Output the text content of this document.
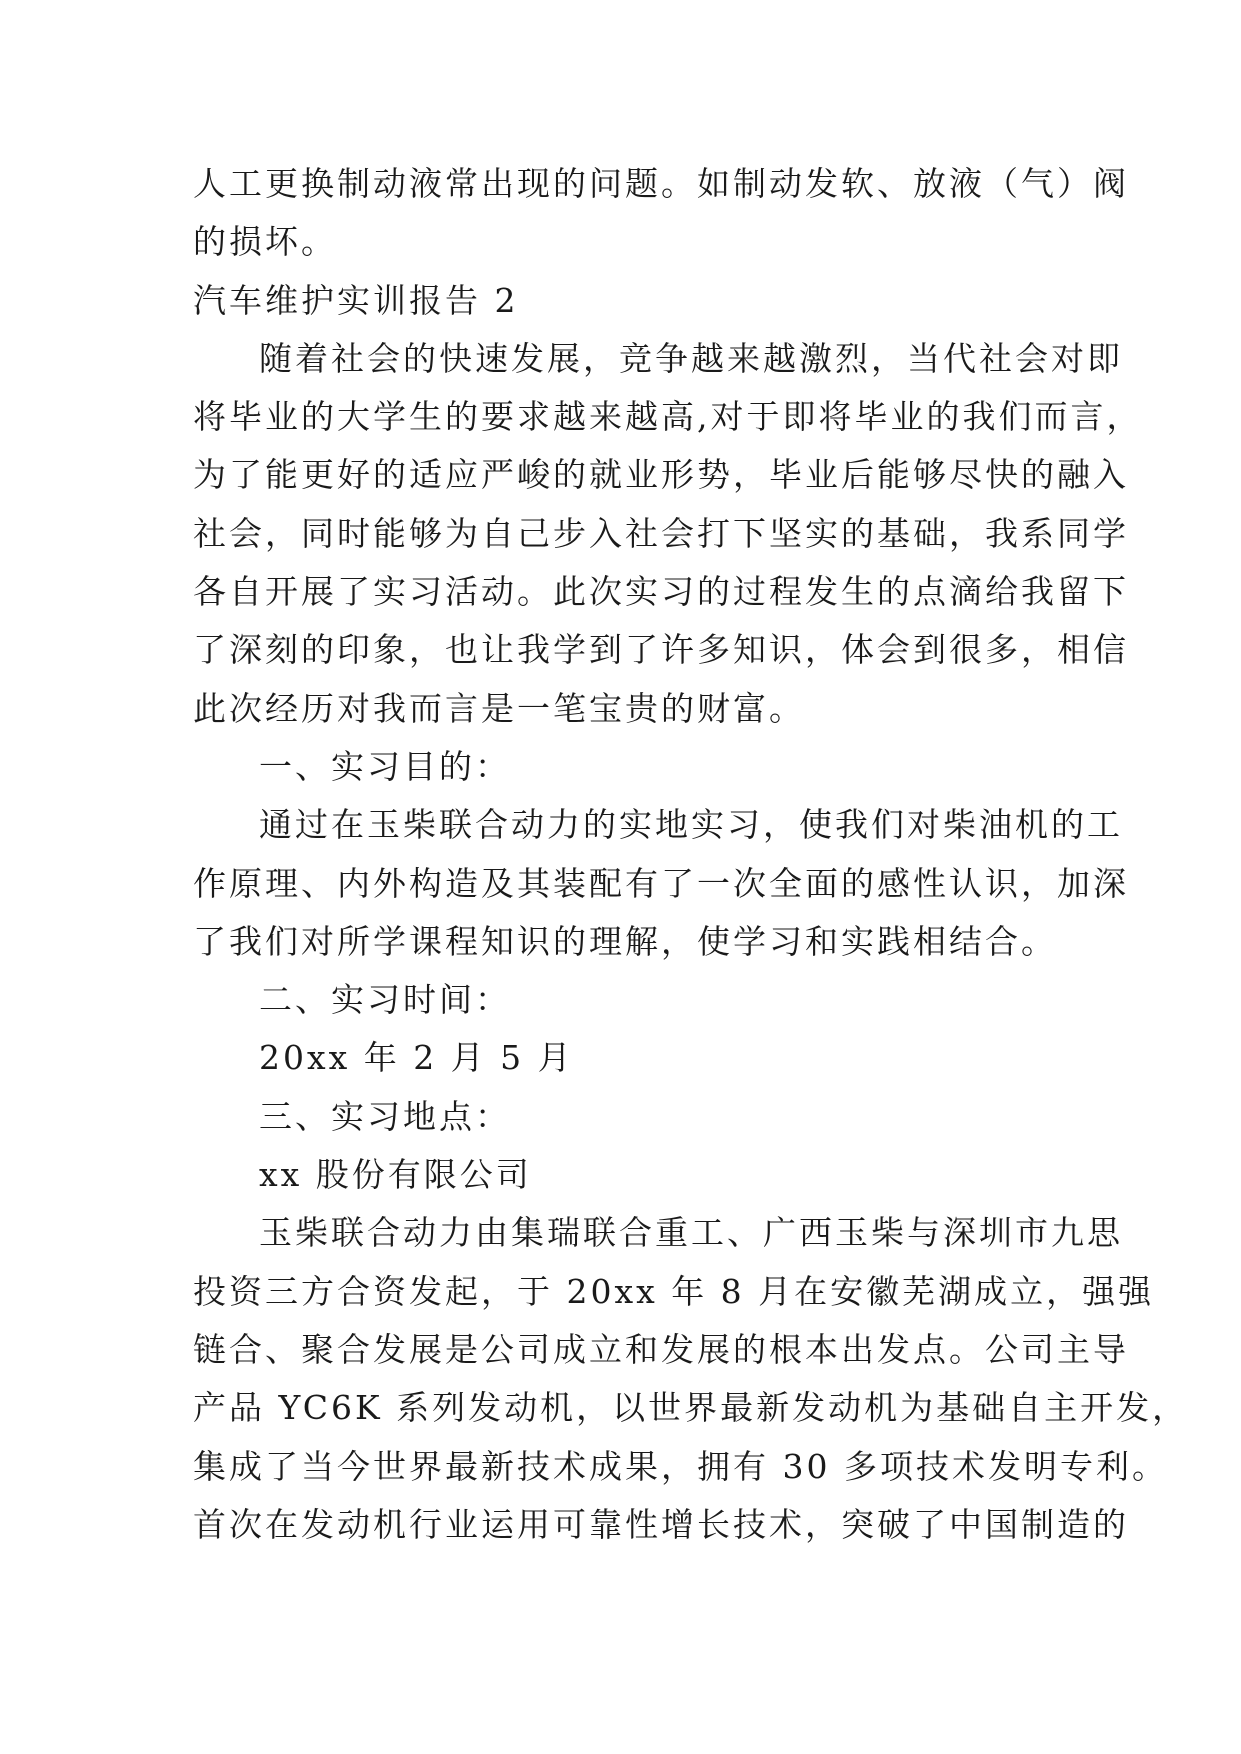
人工更换制动液常出现的问题。如制动发软、放液（气）阀
的损坏。
汽车维护实训报告 2
随着社会的快速发展，竞争越来越激烈，当代社会对即
将毕业的大学生的要求越来越高,对于即将毕业的我们而言，
为了能更好的适应严峻的就业形势，毕业后能够尽快的融入
社会，同时能够为自己步入社会打下坚实的基础，我系同学
各自开展了实习活动。此次实习的过程发生的点滴给我留下
了深刻的印象，也让我学到了许多知识，体会到很多，相信
此次经历对我而言是一笔宝贵的财富。
一、实习目的：
通过在玉柴联合动力的实地实习，使我们对柴油机的工
作原理、内外构造及其装配有了一次全面的感性认识，加深
了我们对所学课程知识的理解，使学习和实践相结合。
二、实习时间：
20xx 年 2 月 5 月
三、实习地点：
xx 股份有限公司
玉柴联合动力由集瑞联合重工、广西玉柴与深圳市九思
投资三方合资发起，于 20xx 年 8 月在安徽芜湖成立，强强
链合、聚合发展是公司成立和发展的根本出发点。公司主导
产品 YC6K 系列发动机，以世界最新发动机为基础自主开发，
集成了当今世界最新技术成果，拥有 30 多项技术发明专利。
首次在发动机行业运用可靠性增长技术，突破了中国制造的
